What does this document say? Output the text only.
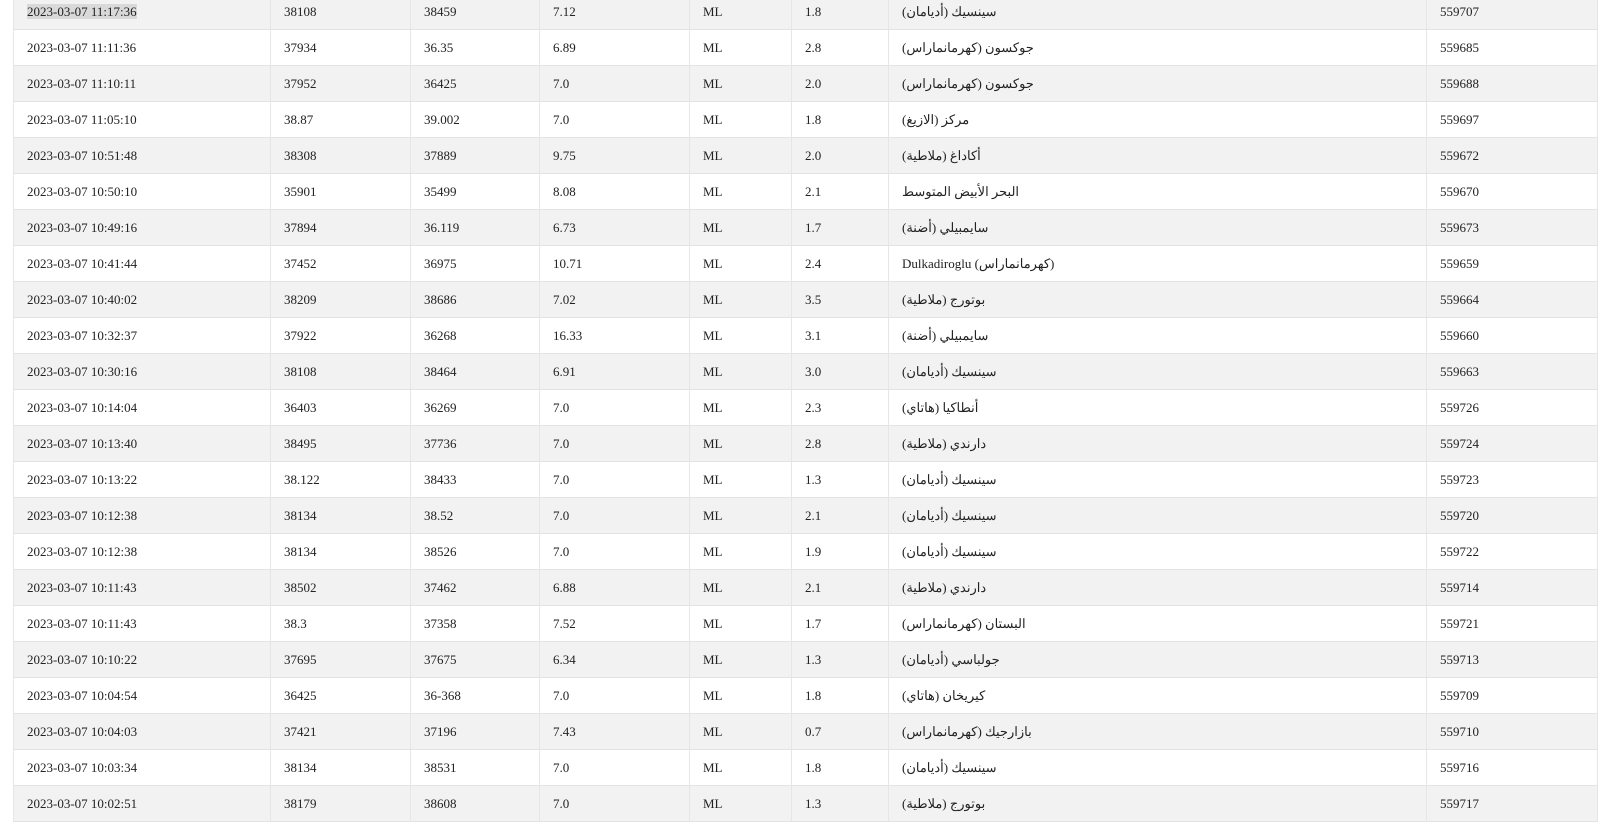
2023-03-07 11:17:36	38108	38459	7.12	ML	1.8	سينسيك (أديامان)	559707
2023-03-07 11:11:36	37934	36.35	6.89	ML	2.8	جوكسون (كهرمانماراس)	559685
2023-03-07 11:10:11	37952	36425	7.0	ML	2.0	جوكسون (كهرمانماراس)	559688
2023-03-07 11:05:10	38.87	39.002	7.0	ML	1.8	مركز (الازيغ)	559697
2023-03-07 10:51:48	38308	37889	9.75	ML	2.0	أكاداغ (ملاطية)	559672
2023-03-07 10:50:10	35901	35499	8.08	ML	2.1	البحر الأبيض المتوسط	559670
2023-03-07 10:49:16	37894	36.119	6.73	ML	1.7	سايمبيلي (أضنة)	559673
2023-03-07 10:41:44	37452	36975	10.71	ML	2.4	Dulkadiroglu (كهرمانماراس)	559659
2023-03-07 10:40:02	38209	38686	7.02	ML	3.5	بوتورج (ملاطية)	559664
2023-03-07 10:32:37	37922	36268	16.33	ML	3.1	سايمبيلي (أضنة)	559660
2023-03-07 10:30:16	38108	38464	6.91	ML	3.0	سينسيك (أديامان)	559663
2023-03-07 10:14:04	36403	36269	7.0	ML	2.3	أنطاكيا (هاتاي)	559726
2023-03-07 10:13:40	38495	37736	7.0	ML	2.8	دارندي (ملاطية)	559724
2023-03-07 10:13:22	38.122	38433	7.0	ML	1.3	سينسيك (أديامان)	559723
2023-03-07 10:12:38	38134	38.52	7.0	ML	2.1	سينسيك (أديامان)	559720
2023-03-07 10:12:38	38134	38526	7.0	ML	1.9	سينسيك (أديامان)	559722
2023-03-07 10:11:43	38502	37462	6.88	ML	2.1	دارندي (ملاطية)	559714
2023-03-07 10:11:43	38.3	37358	7.52	ML	1.7	البستان (كهرمانماراس)	559721
2023-03-07 10:10:22	37695	37675	6.34	ML	1.3	جولباسي (أديامان)	559713
2023-03-07 10:04:54	36425	36-368	7.0	ML	1.8	كيريخان (هاتاي)	559709
2023-03-07 10:04:03	37421	37196	7.43	ML	0.7	بازارجيك (كهرمانماراس)	559710
2023-03-07 10:03:34	38134	38531	7.0	ML	1.8	سينسيك (أديامان)	559716
2023-03-07 10:02:51	38179	38608	7.0	ML	1.3	بوتورج (ملاطية)	559717
